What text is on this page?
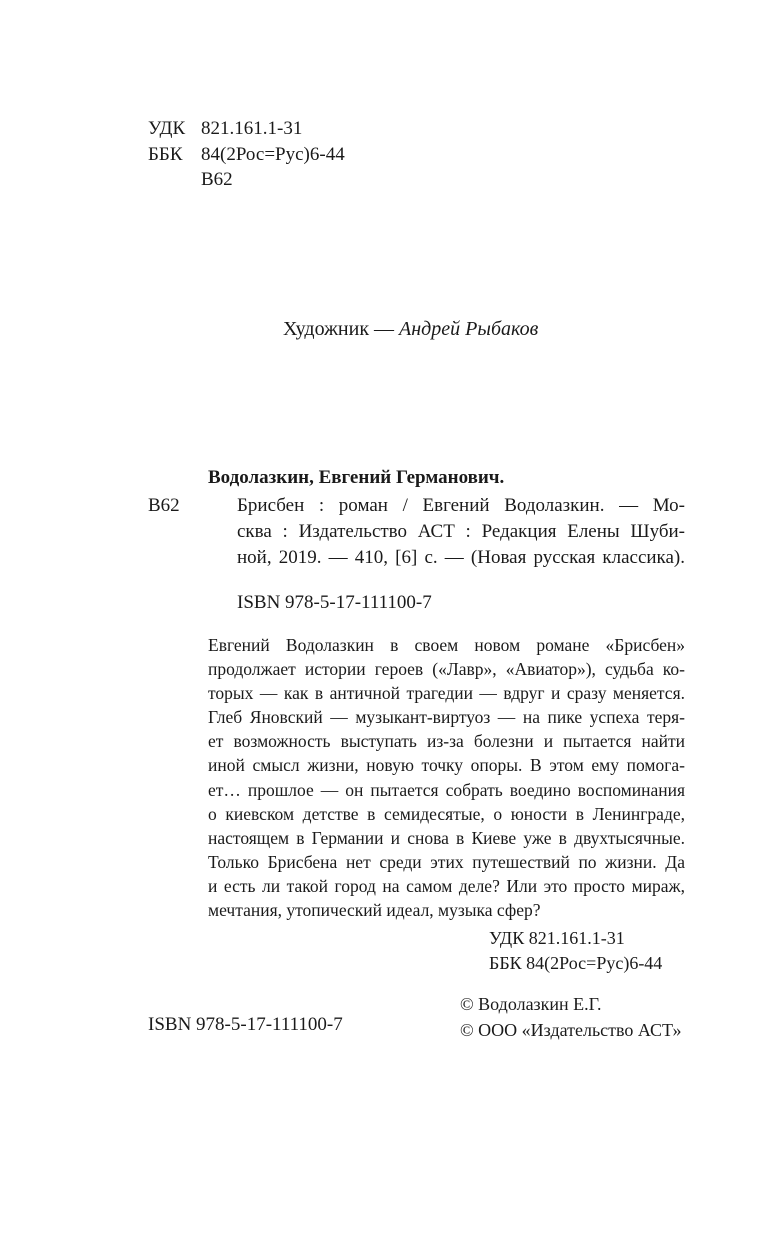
УДК 821.161.1-31
ББК 84(2Рос=Рус)6-44
В62
Художник — Андрей Рыбаков
Водолазкин, Евгений Германович.
В62	Брисбен : роман / Евгений Водолазкин. — Мо-
сква : Издательство АСТ : Редакция Елены Шуби-
ной, 2019. — 410, [6] с. — (Новая русская классика).
ISBN 978-5-17-111100-7
Евгений Водолазкин в своем новом романе «Брисбен»
продолжает истории героев («Лавр», «Авиатор»), судьба ко-
торых — как в античной трагедии — вдруг и сразу меняется.
Глеб Яновский — музыкант-виртуоз — на пике успеха теря-
ет возможность выступать из-за болезни и пытается найти
иной смысл жизни, новую точку опоры. В этом ему помога-
ет… прошлое — он пытается собрать воедино воспоминания
о киевском детстве в семидесятые, о юности в Ленинграде,
настоящем в Германии и снова в Киеве уже в двухтысячные.
Только Брисбена нет среди этих путешествий по жизни. Да
и есть ли такой город на самом деле? Или это просто мираж,
мечтания, утопический идеал, музыка сфер?
УДК 821.161.1-31
ББК 84(2Рос=Рус)6-44
© Водолазкин Е.Г.
© ООО «Издательство АСТ»
ISBN 978-5-17-111100-7
